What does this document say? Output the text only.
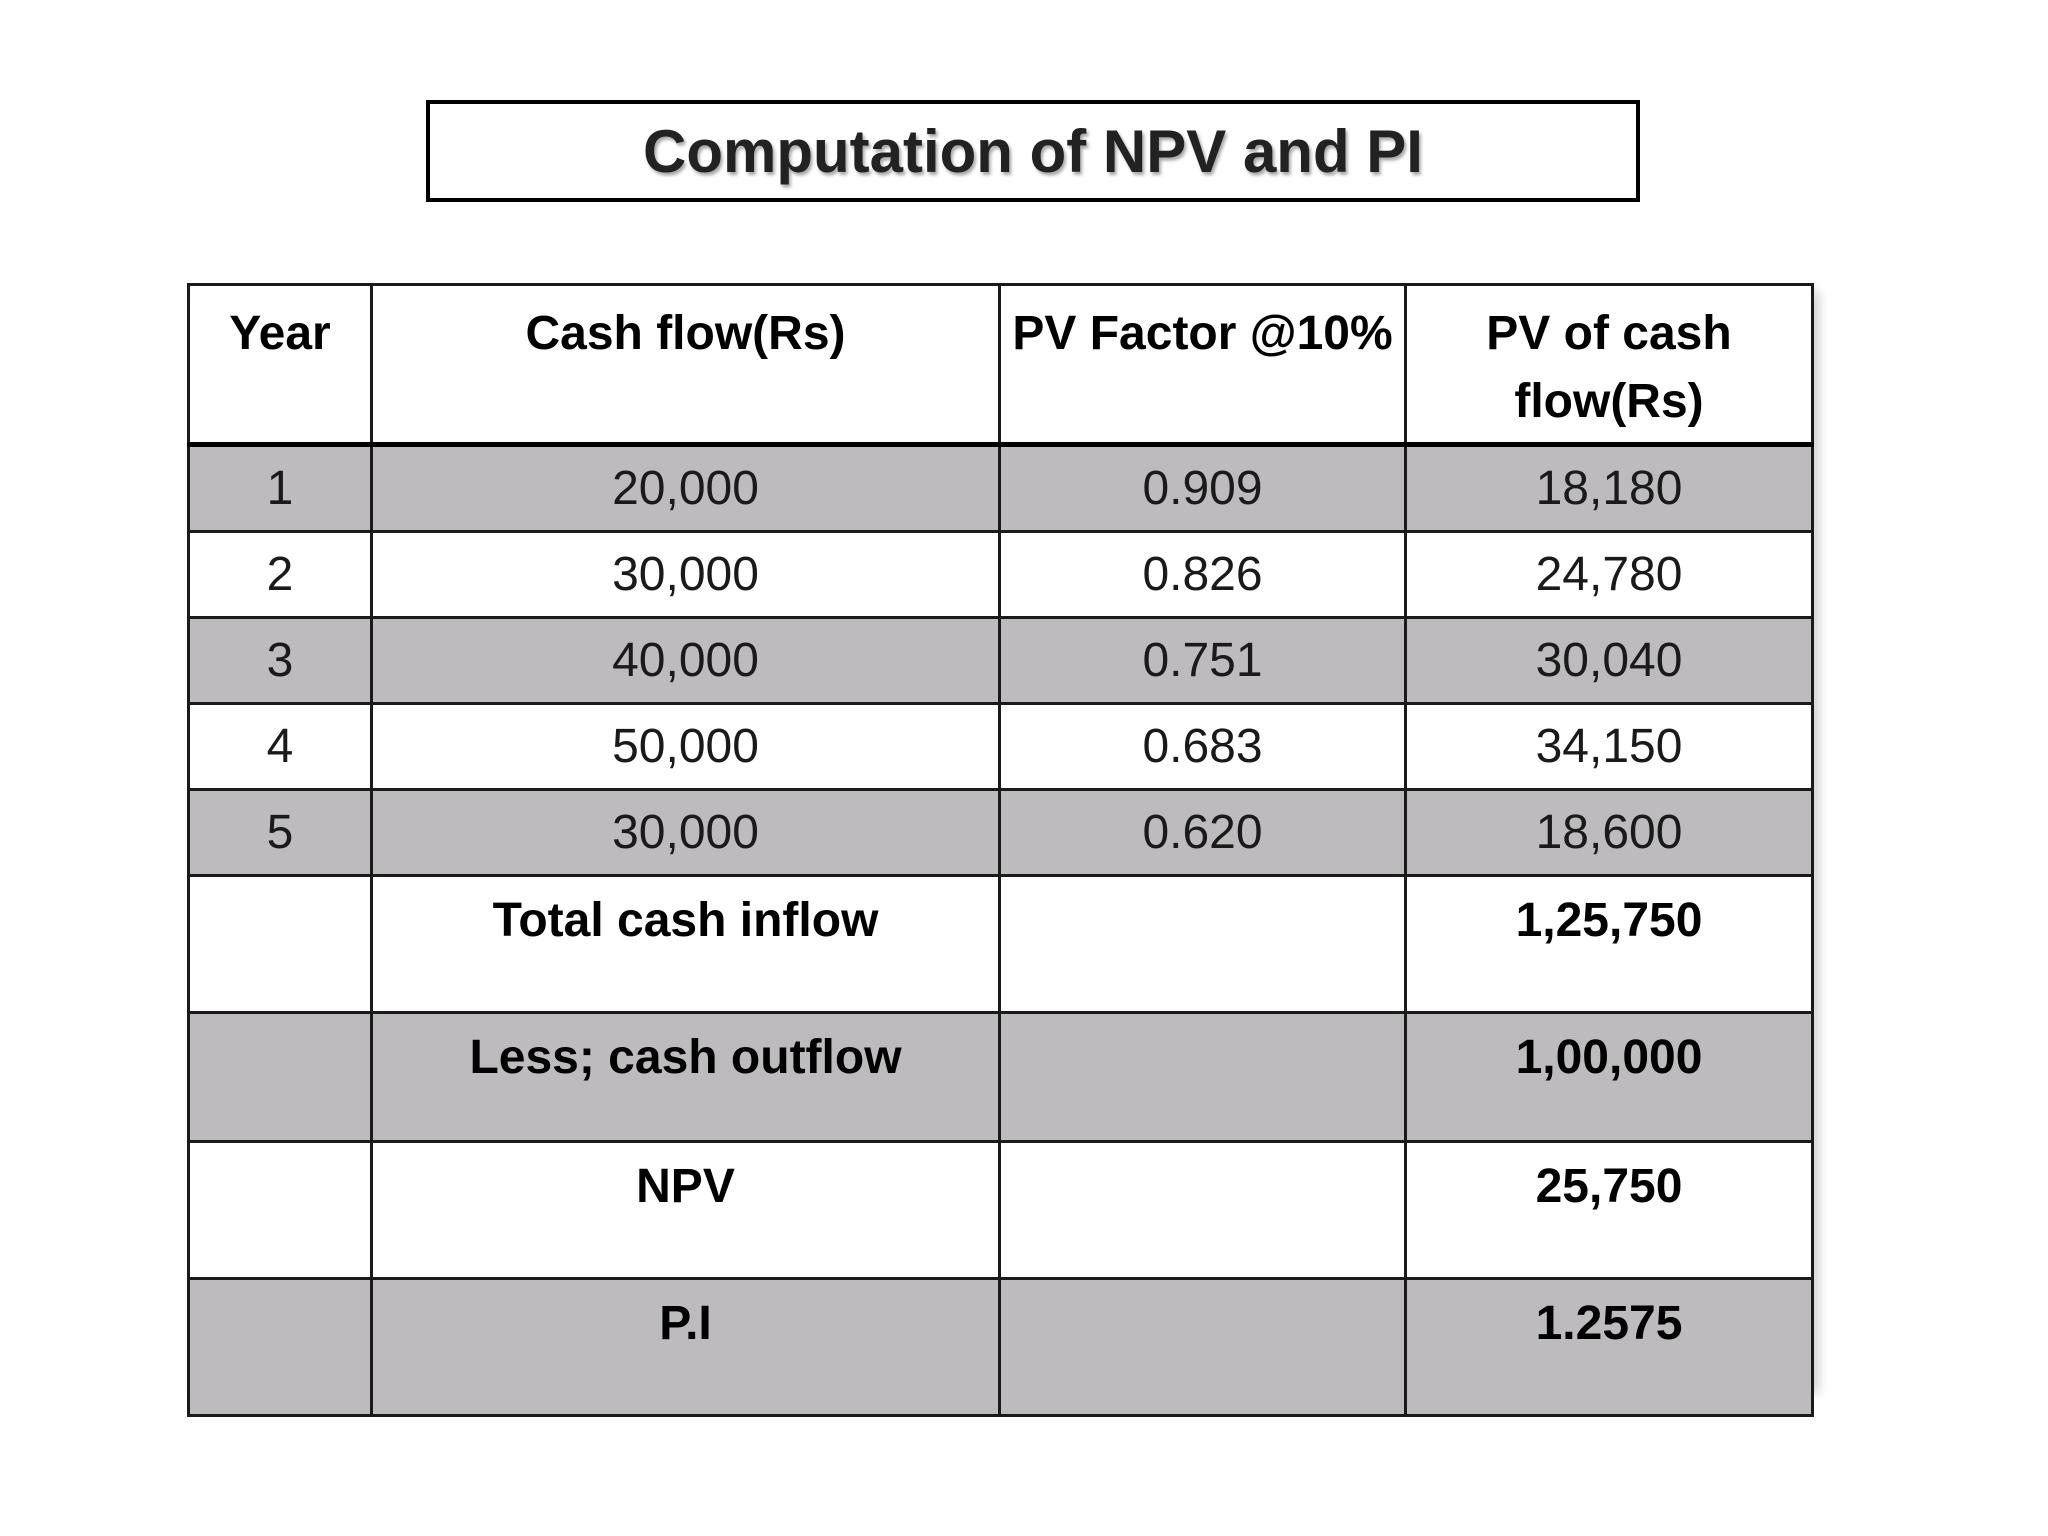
Computation of NPV and PI
Year	Cash flow(Rs)	PV Factor @10%	PV of cash flow(Rs)
1	20,000	0.909	18,180
2	30,000	0.826	24,780
3	40,000	0.751	30,040
4	50,000	0.683	34,150
5	30,000	0.620	18,600
	Total cash inflow		1,25,750
	Less; cash outflow		1,00,000
	NPV		25,750
	P.I		1.2575
